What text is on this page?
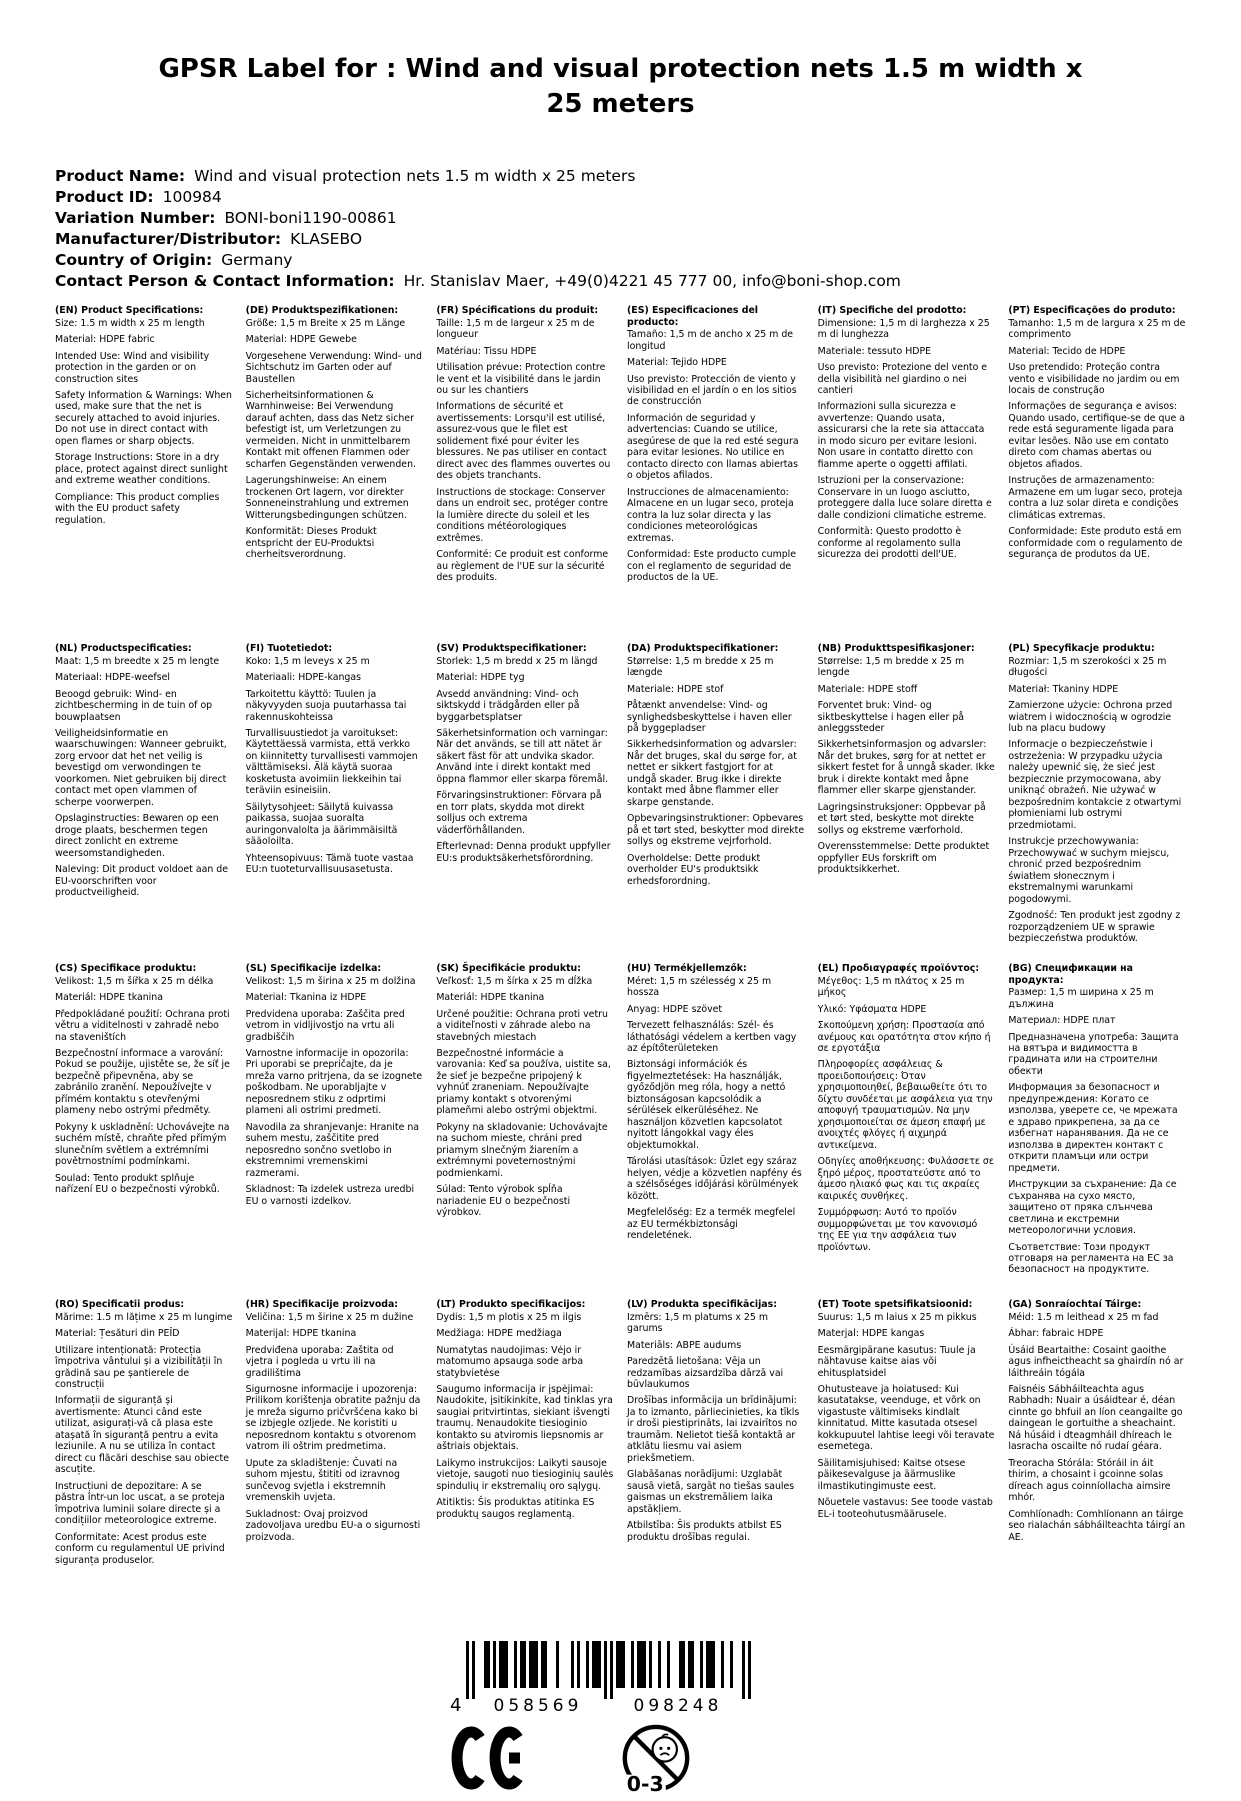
GPSR Label for : Wind and visual protection nets 1.5 m width x 25 meters
Product Name: Wind and visual protection nets 1.5 m width x 25 meters
Product ID: 100984
Variation Number: BONI-boni1190-00861
Manufacturer/Distributor: KLASEBO
Country of Origin: Germany
Contact Person & Contact Information: Hr. Stanislav Maer, +49(0)4221 45 777 00, info@boni-shop.com
(EN) Product Specifications:

Size: 1.5 m width x 25 m length

Material: HDPE fabric

Intended Use: Wind and visibility protection in the garden or on construction sites

Safety Information & Warnings: When used, make sure that the net is securely attached to avoid injuries. Do not use in direct contact with open flames or sharp objects.

Storage Instructions: Store in a dry place, protect against direct sunlight and extreme weather conditions.

Compliance: This product complies with the EU product safety regulation.

(DE) Produktspezifikationen:

Größe: 1,5 m Breite x 25 m Länge

Material: HDPE Gewebe

Vorgesehene Verwendung: Wind- und Sichtschutz im Garten oder auf Baustellen

Sicherheitsinformationen & Warnhinweise: Bei Verwendung darauf achten, dass das Netz sicher befestigt ist, um Verletzungen zu vermeiden. Nicht in unmittelbarem Kontakt mit offenen Flammen oder scharfen Gegenständen verwenden.

Lagerungshinweise: An einem trockenen Ort lagern, vor direkter Sonneneinstrahlung und extremen Witterungsbedingungen schützen.

Konformität: Dieses Produkt entspricht der EU-Produktsi cherheitsverordnung.

(FR) Spécifications du produit:

Taille: 1,5 m de largeur x 25 m de longueur

Matériau: Tissu HDPE

Utilisation prévue: Protection contre le vent et la visibilité dans le jardin ou sur les chantiers

Informations de sécurité et avertissements: Lorsqu'il est utilisé, assurez-vous que le filet est solidement fixé pour éviter les blessures. Ne pas utiliser en contact direct avec des flammes ouvertes ou des objets tranchants.

Instructions de stockage: Conserver dans un endroit sec, protéger contre la lumière directe du soleil et les conditions météorologiques extrêmes.

Conformité: Ce produit est conforme au règlement de l'UE sur la sécurité des produits.

(ES) Especificaciones del producto:

Tamaño: 1,5 m de ancho x 25 m de longitud

Material: Tejido HDPE

Uso previsto: Protección de viento y visibilidad en el jardín o en los sitios de construcción

Información de seguridad y advertencias: Cuando se utilice, asegúrese de que la red esté segura para evitar lesiones. No utilice en contacto directo con llamas abiertas o objetos afilados.

Instrucciones de almacenamiento: Almacene en un lugar seco, proteja contra la luz solar directa y las condiciones meteorológicas extremas.

Conformidad: Este producto cumple con el reglamento de seguridad de productos de la UE.

(IT) Specifiche del prodotto:

Dimensione: 1,5 m di larghezza x 25 m di lunghezza

Materiale: tessuto HDPE

Uso previsto: Protezione del vento e della visibilità nel giardino o nei cantieri

Informazioni sulla sicurezza e avvertenze: Quando usata, assicurarsi che la rete sia attaccata in modo sicuro per evitare lesioni. Non usare in contatto diretto con fiamme aperte o oggetti affilati.

Istruzioni per la conservazione: Conservare in un luogo asciutto, proteggere dalla luce solare diretta e dalle condizioni climatiche estreme.

Conformità: Questo prodotto è conforme al regolamento sulla sicurezza dei prodotti dell'UE.

(PT) Especificações do produto:

Tamanho: 1,5 m de largura x 25 m de comprimento

Material: Tecido de HDPE

Uso pretendido: Proteção contra vento e visibilidade no jardim ou em locais de construção

Informações de segurança e avisos: Quando usado, certifique-se de que a rede está seguramente ligada para evitar lesões. Não use em contato direto com chamas abertas ou objetos afiados.

Instruções de armazenamento: Armazene em um lugar seco, proteja contra a luz solar direta e condições climáticas extremas.

Conformidade: Este produto está em conformidade com o regulamento de segurança de produtos da UE.

(NL) Productspecificaties:

Maat: 1,5 m breedte x 25 m lengte

Materiaal: HDPE-weefsel

Beoogd gebruik: Wind- en zichtbescherming in de tuin of op bouwplaatsen

Veiligheidsinformatie en waarschuwingen: Wanneer gebruikt, zorg ervoor dat het net veilig is bevestigd om verwondingen te voorkomen. Niet gebruiken bij direct contact met open vlammen of scherpe voorwerpen.

Opslaginstructies: Bewaren op een droge plaats, beschermen tegen direct zonlicht en extreme weersomstandigheden.

Naleving: Dit product voldoet aan de EU-voorschriften voor productveiligheid.

(FI) Tuotetiedot:

Koko: 1,5 m leveys x 25 m

Materiaali: HDPE-kangas

Tarkoitettu käyttö: Tuulen ja näkyvyyden suoja puutarhassa tai rakennuskohteissa

Turvallisuustiedot ja varoitukset: Käytettäessä varmista, että verkko on kiinnitetty turvallisesti vammojen välttämiseksi. Älä käytä suoraa kosketusta avoimiin liekkeihin tai teräviin esineisiin.

Säilytysohjeet: Säilytä kuivassa paikassa, suojaa suoralta auringonvalolta ja äärimmäisiltä sääoloilta.

Yhteensopivuus: Tämä tuote vastaa EU:n tuoteturvallisuusasetusta.

(SV) Produktspecifikationer:

Storlek: 1,5 m bredd x 25 m längd

Material: HDPE tyg

Avsedd användning: Vind- och siktskydd i trädgården eller på byggarbetsplatser

Säkerhetsinformation och varningar: När det används, se till att nätet är säkert fäst för att undvika skador. Använd inte i direkt kontakt med öppna flammor eller skarpa föremål.

Förvaringsinstruktioner: Förvara på en torr plats, skydda mot direkt solljus och extrema väderförhållanden.

Efterlevnad: Denna produkt uppfyller EU:s produktsäkerhetsförordning.

(DA) Produktspecifikationer:

Størrelse: 1,5 m bredde x 25 m længde

Materiale: HDPE stof

Påtænkt anvendelse: Vind- og synlighedsbeskyttelse i haven eller på byggepladser

Sikkerhedsinformation og advarsler: Når det bruges, skal du sørge for, at nettet er sikkert fastgjort for at undgå skader. Brug ikke i direkte kontakt med åbne flammer eller skarpe genstande.

Opbevaringsinstruktioner: Opbevares på et tørt sted, beskytter mod direkte sollys og ekstreme vejrforhold.

Overholdelse: Dette produkt overholder EU's produktsikk erhedsforordning.

(NB) Produkttspesifikasjoner:

Størrelse: 1,5 m bredde x 25 m lengde

Materiale: HDPE stoff

Forventet bruk: Vind- og siktbeskyttelse i hagen eller på anleggssteder

Sikkerhetsinformasjon og advarsler: Når det brukes, sørg for at nettet er sikkert festet for å unngå skader. Ikke bruk i direkte kontakt med åpne flammer eller skarpe gjenstander.

Lagringsinstruksjoner: Oppbevar på et tørt sted, beskytte mot direkte sollys og ekstreme værforhold.

Overensstemmelse: Dette produktet oppfyller EUs forskrift om produktsikkerhet.

(PL) Specyfikacje produktu:

Rozmiar: 1,5 m szerokości x 25 m długości

Materiał: Tkaniny HDPE

Zamierzone użycie: Ochrona przed wiatrem i widocznością w ogrodzie lub na placu budowy

Informacje o bezpieczeństwie i ostrzeżenia: W przypadku użycia należy upewnić się, że sieć jest bezpiecznie przymocowana, aby uniknąć obrażeń. Nie używać w bezpośrednim kontakcie z otwartymi płomieniami lub ostrymi przedmiotami.

Instrukcje przechowywania: Przechowywać w suchym miejscu, chronić przed bezpośrednim światłem słonecznym i ekstremalnymi warunkami pogodowymi.

Zgodność: Ten produkt jest zgodny z rozporządzeniem UE w sprawie bezpieczeństwa produktów.

(CS) Specifikace produktu:

Velikost: 1,5 m šířka x 25 m délka

Materiál: HDPE tkanina

Předpokládané použití: Ochrana proti větru a viditelnosti v zahradě nebo na staveništích

Bezpečnostní informace a varování: Pokud se použije, ujistěte se, že síť je bezpečně připevněna, aby se zabránilo zranění. Nepoužívejte v přímém kontaktu s otevřenými plameny nebo ostrými předměty.

Pokyny k uskladnění: Uchovávejte na suchém místě, chraňte před přímým slunečním světlem a extrémními povětrnostními podmínkami.

Soulad: Tento produkt splňuje nařízení EU o bezpečnosti výrobků.

(SL) Specifikacije izdelka:

Velikost: 1,5 m širina x 25 m dolžina

Material: Tkanina iz HDPE

Predvidena uporaba: Zaščita pred vetrom in vidljivostjo na vrtu ali gradbiščih

Varnostne informacije in opozorila: Pri uporabi se prepričajte, da je mreža varno pritrjena, da se izognete poškodbam. Ne uporabljajte v neposrednem stiku z odprtimi plameni ali ostrimi predmeti.

Navodila za shranjevanje: Hranite na suhem mestu, zaščitite pred neposredno sončno svetlobo in ekstremnimi vremenskimi razmerami.

Skladnost: Ta izdelek ustreza uredbi EU o varnosti izdelkov.

(SK) Špecifikácie produktu:

Veľkosť: 1,5 m šírka x 25 m dĺžka

Materiál: HDPE tkanina

Určené použitie: Ochrana proti vetru a viditeľnosti v záhrade alebo na stavebných miestach

Bezpečnostné informácie a varovania: Keď sa používa, uistite sa, že sieť je bezpečne pripojený k vyhnúť zraneniam. Nepoužívajte priamy kontakt s otvorenými plameňmi alebo ostrými objektmi.

Pokyny na skladovanie: Uchovávajte na suchom mieste, chráni pred priamym slnečným žiarením a extrémnymi poveternostnými podmienkami.

Súlad: Tento výrobok spĺňa nariadenie EU o bezpečnosti výrobkov.

(HU) Termékjellemzők:

Méret: 1,5 m szélesség x 25 m hossza

Anyag: HDPE szövet

Tervezett felhasználás: Szél- és láthatósági védelem a kertben vagy az építőterületeken

Biztonsági információk és figyelmeztetések: Ha használják, győződjön meg róla, hogy a nettó biztonságosan kapcsolódik a sérülések elkerüléséhez. Ne használjon közvetlen kapcsolatot nyitott lángokkal vagy éles objektumokkal.

Tárolási utasítások: Üzlet egy száraz helyen, védje a közvetlen napfény és a szélsőséges időjárási körülmények között.

Megfelelőség: Ez a termék megfelel az EU termékbiztonsági rendeletének.

(EL) Προδιαγραφές προϊόντος:

Μέγεθος: 1,5 m πλάτος x 25 m μήκος

Υλικό: Υφάσματα HDPE

Σκοπούμενη χρήση: Προστασία από ανέμους και ορατότητα στον κήπο ή σε εργοτάξια

Πληροφορίες ασφάλειας & προειδοποιήσεις: Όταν χρησιμοποιηθεί, βεβαιωθείτε ότι το δίχτυ συνδέεται με ασφάλεια για την αποφυγή τραυματισμών. Να μην χρησιμοποιείται σε άμεση επαφή με ανοιχτές φλόγες ή αιχμηρά αντικείμενα.

Οδηγίες αποθήκευσης: Φυλάσσετε σε ξηρό μέρος, προστατεύστε από το άμεσο ηλιακό φως και τις ακραίες καιρικές συνθήκες.

Συμμόρφωση: Αυτό το προϊόν συμμορφώνεται με τον κανονισμό της ΕΕ για την ασφάλεια των προϊόντων.

(BG) Спецификации на продукта:

Размер: 1,5 m ширина x 25 m дължина

Материал: HDPE плат

Предназначена употреба: Защита на вятъра и видимостта в градината или на строителни обекти

Информация за безопасност и предупреждения: Когато се използва, уверете се, че мрежата е здраво прикрепена, за да се избегнат наранявания. Да не се използва в директен контакт с открити пламъци или остри предмети.

Инструкции за съхранение: Да се съхранява на сухо място, защитено от пряка слънчева светлина и екстремни метеорологични условия.

Съответствие: Този продукт отговаря на регламента на ЕС за безопасност на продуктите.

(RO) Specificatii produs:

Mărime: 1.5 m lățime x 25 m lungime

Material: Țesături din PEÎD

Utilizare intenționată: Protecția împotriva vântului și a vizibilității în grădină sau pe șantierele de construcții

Informații de siguranță și avertismente: Atunci când este utilizat, asigurați-vă că plasa este atașată în siguranță pentru a evita leziunile. A nu se utiliza în contact direct cu flăcări deschise sau obiecte ascuțite.

Instrucțiuni de depozitare: A se păstra într-un loc uscat, a se proteja împotriva luminii solare directe și a condițiilor meteorologice extreme.

Conformitate: Acest produs este conform cu regulamentul UE privind siguranța produselor.

(HR) Specifikacije proizvoda:

Veličina: 1,5 m širine x 25 m dužine

Materijal: HDPE tkanina

Predviđena uporaba: Zaštita od vjetra i pogleda u vrtu ili na gradilištima

Sigurnosne informacije i upozorenja: Prilikom korištenja obratite pažnju da je mreža sigurno pričvršćena kako bi se izbjegle ozljede. Ne koristiti u neposrednom kontaktu s otvorenom vatrom ili oštrim predmetima.

Upute za skladištenje: Čuvati na suhom mjestu, štititi od izravnog sunčevog svjetla i ekstremnih vremenskih uvjeta.

Sukladnost: Ovaj proizvod zadovoljava uredbu EU-a o sigurnosti proizvoda.

(LT) Produkto specifikacijos:

Dydis: 1,5 m plotis x 25 m ilgis

Medžiaga: HDPE medžiaga

Numatytas naudojimas: Vėjo ir matomumo apsauga sode arba statybvietėse

Saugumo informacija ir įspėjimai: Naudokite, įsitikinkite, kad tinklas yra saugiai pritvirtintas, siekiant išvengti traumų. Nenaudokite tiesioginio kontakto su atviromis liepsnomis ar aštriais objektais.

Laikymo instrukcijos: Laikyti sausoje vietoje, saugoti nuo tiesioginių saulės spindulių ir ekstremalių oro sąlygų.

Atitiktis: Šis produktas atitinka ES produktų saugos reglamentą.

(LV) Produkta specifikācijas:

Izmērs: 1,5 m platums x 25 m garums

Materiāls: ABPE audums

Paredzētā lietošana: Vēja un redzamības aizsardzība dārzā vai būvlaukumos

Drošības informācija un brīdinājumi: Ja to izmanto, pārliecinieties, ka tīkls ir droši piestiprināts, lai izvairītos no traumām. Nelietot tiešā kontaktā ar atklātu liesmu vai asiem priekšmetiem.

Glabāšanas norādījumi: Uzglabāt sausā vietā, sargāt no tiešas saules gaismas un ekstremāliem laika apstākļiem.

Atbilstība: Šis produkts atbilst ES produktu drošības regulai.

(ET) Toote spetsifikatsioonid:

Suurus: 1,5 m laius x 25 m pikkus

Materjal: HDPE kangas

Eesmärgipärane kasutus: Tuule ja nähtavuse kaitse aias või ehitusplatsidel

Ohutusteave ja hoiatused: Kui kasutatakse, veenduge, et võrk on vigastuste vältimiseks kindlalt kinnitatud. Mitte kasutada otsesel kokkupuutel lahtise leegi või teravate esemetega.

Säilitamisjuhised: Kaitse otsese päikesevalguse ja äärmuslike ilmastikutingimuste eest.

Nõuetele vastavus: See toode vastab EL-i tooteohutusmäärusele.

(GA) Sonraíochtaí Táirge:

Méid: 1.5 m leithead x 25 m fad

Ábhar: fabraic HDPE

Úsáid Beartaithe: Cosaint gaoithe agus infheictheacht sa ghairdín nó ar láithreáin tógála

Faisnéis Sábháilteachta agus Rabhadh: Nuair a úsáidtear é, déan cinnte go bhfuil an líon ceangailte go daingean le gortuithe a sheachaint. Ná húsáid i dteagmháil dhíreach le lasracha oscailte nó rudaí géara.

Treoracha Stórála: Stóráil in áit thirim, a chosaint i gcoinne solas díreach agus coinníollacha aimsire mhór.

Comhlíonadh: Comhlíonann an táirge seo rialachán sábháilteachta táirgí an AE.

4 058569	098248
0-3
